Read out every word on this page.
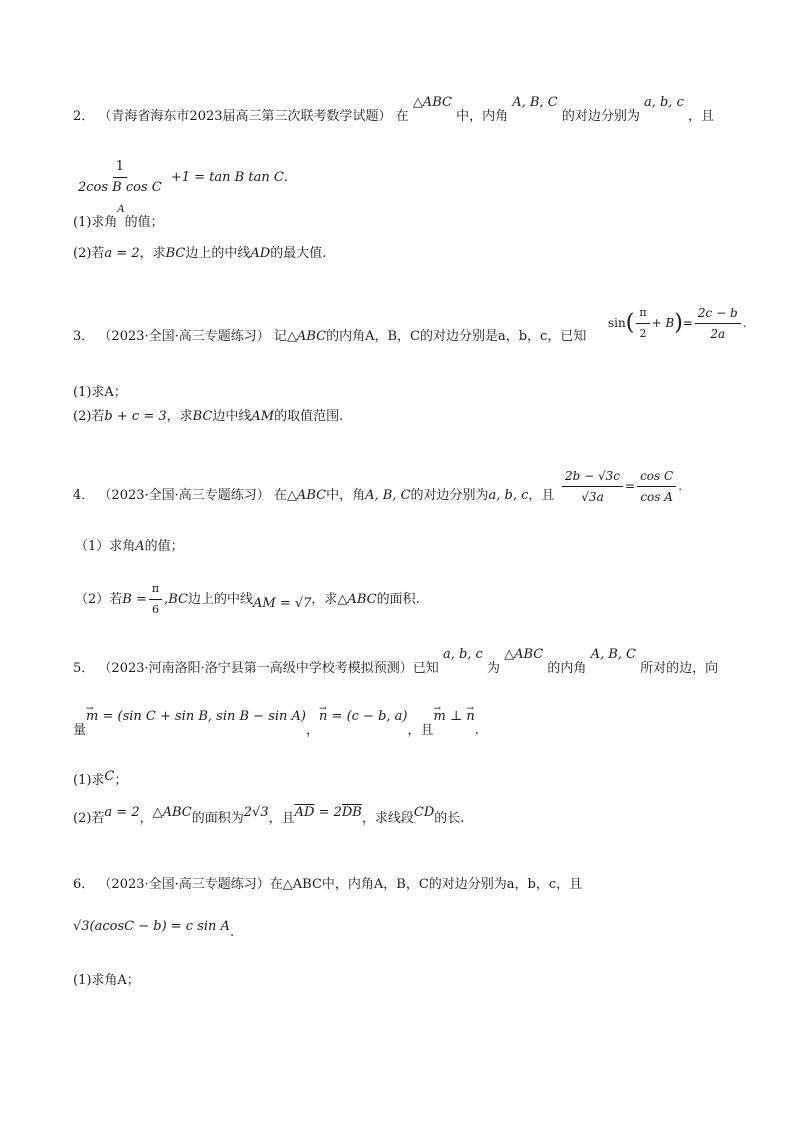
2． （青海省海东市2023届高三第三次联考数学试题） 在 △ABC 中，内角 A, B, C 的对边分别为 a, b, c ，且
$\frac{1}{\text{2cos B cos C}} +1 = \tan B$ tan C.
(1)求角$^A$的值；
(2)若a = 2，求BC边上的中线AD的最大值.
3． （2023·全国·高三专题练习） 记△ABC的内角A，B，C的对边分别是a，b，c，已知
$\sin( \frac{\pi}{2} + B)= \frac{2c - b}{2a}$ .
(1)求A；
(2)若b + c = 3，求BC边中线AM的取值范围.
4． （2023·全国·高三专题练习） 在△ABC中，角A, B, C的对边分别为a, b, c，且 $\frac{2b - √3c}{√3a} = \frac{\text{cos C}}{\text{cos A}}$ .
（1）求角A的值；
（2）若$B = \frac{\pi}{6} ,BC$边上的中线AM = √7，求△ABC的面积.
5． （2023·河南洛阳·洛宁县第一高级中学校考模拟预测）已知 a, b, c 为 △ABC 的内角 A, B, C 所对的边，向
量→ m = (sin C + sin B, sin B − sin A)，→ n = (c − b, a)，且→ m ⊥ → n.
(1)求C；
(2)若a = 2，△ABC的面积为2√3，且$\overline{AD} = 2\overline{DB}$，求线段CD的长.
6． （2023·全国·高三专题练习）在△ABC中，内角A，B，C的对边分别为a，b，c，且
√3(acosC − b) = c sin A.
(1)求角A；
